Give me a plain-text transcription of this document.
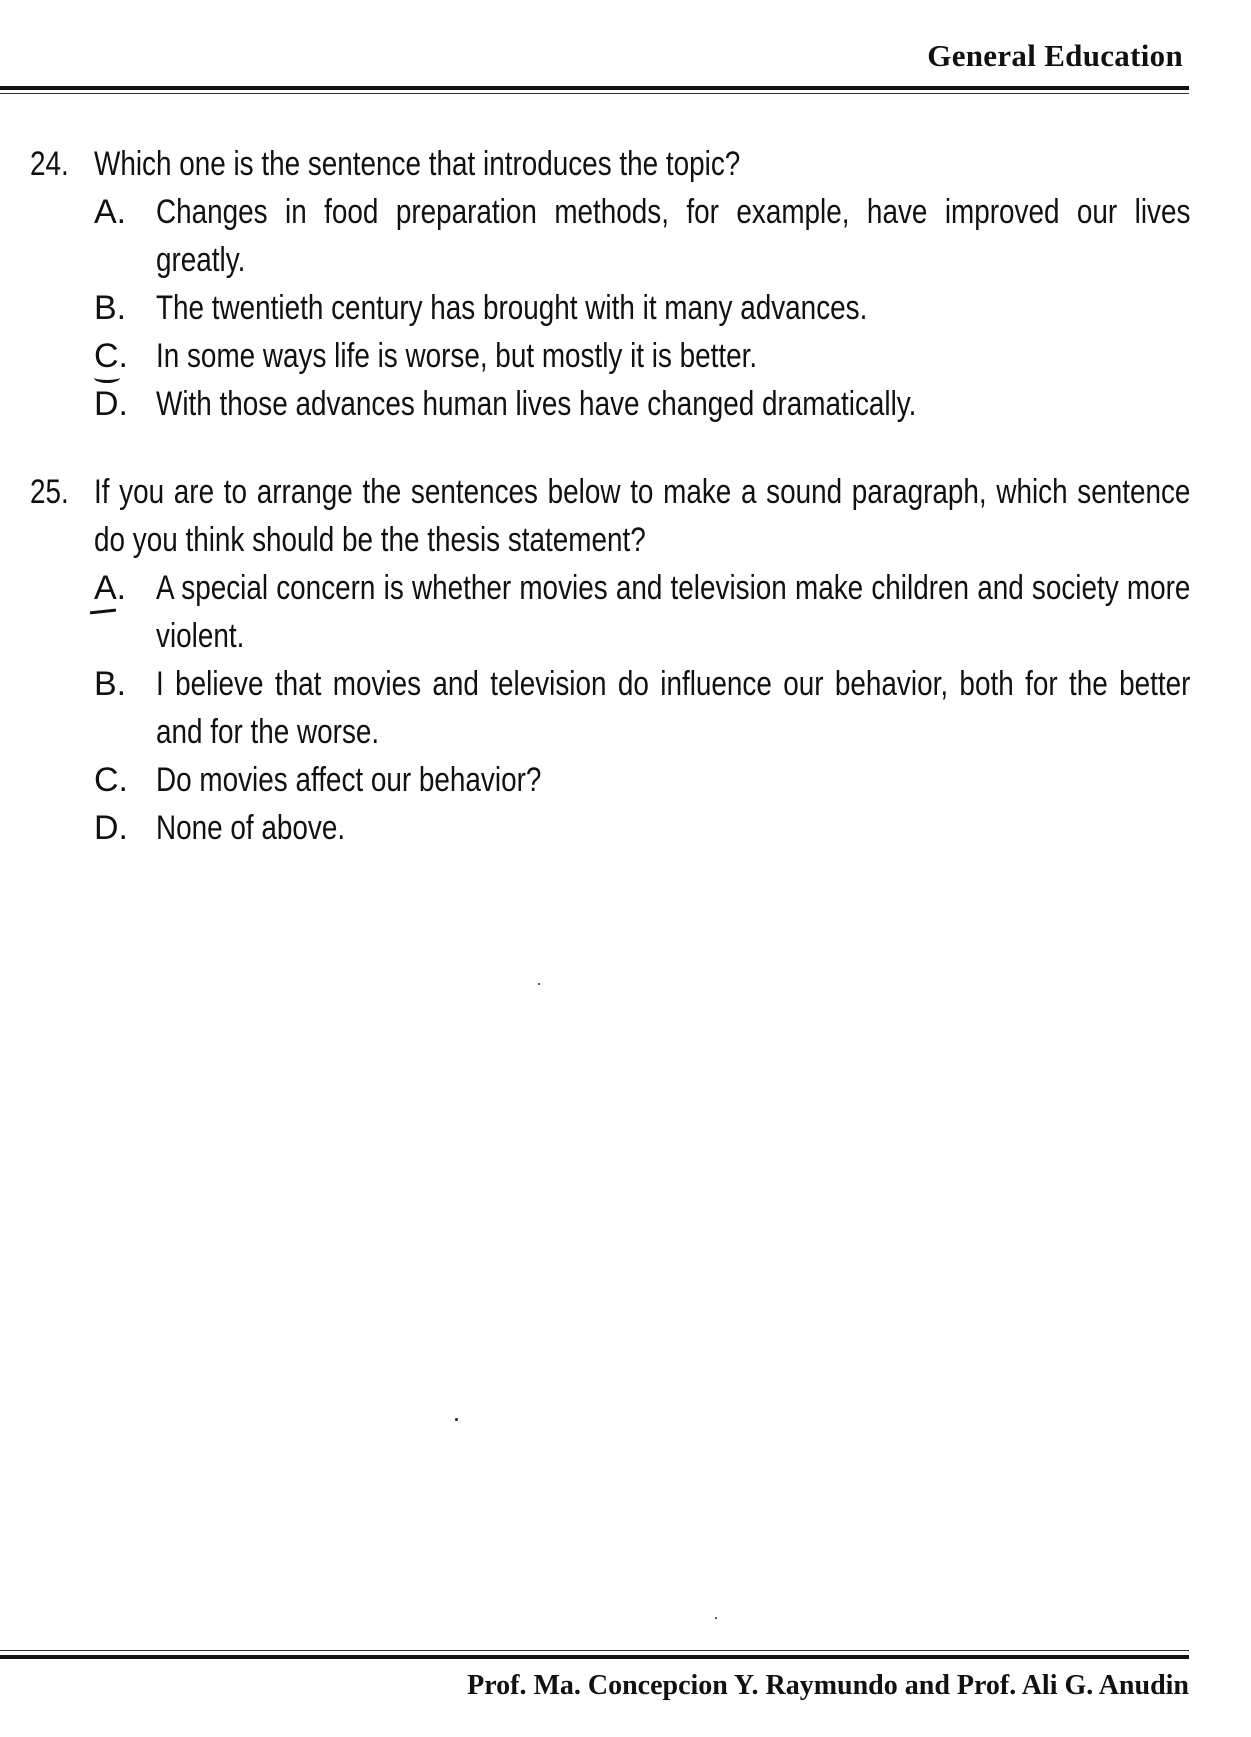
General Education
24. Which one is the sentence that introduces the topic?
A. Changes in food preparation methods, for example, have improved our lives greatly.
B. The twentieth century has brought with it many advances.
C. In some ways life is worse, but mostly it is better.
D. With those advances human lives have changed dramatically.
25. If you are to arrange the sentences below to make a sound paragraph, which sentence do you think should be the thesis statement?
A. A special concern is whether movies and television make children and society more violent.
B. I believe that movies and television do influence our behavior, both for the better and for the worse.
C. Do movies affect our behavior?
D. None of above.
Prof. Ma. Concepcion Y. Raymundo and Prof. Ali G. Anudin
